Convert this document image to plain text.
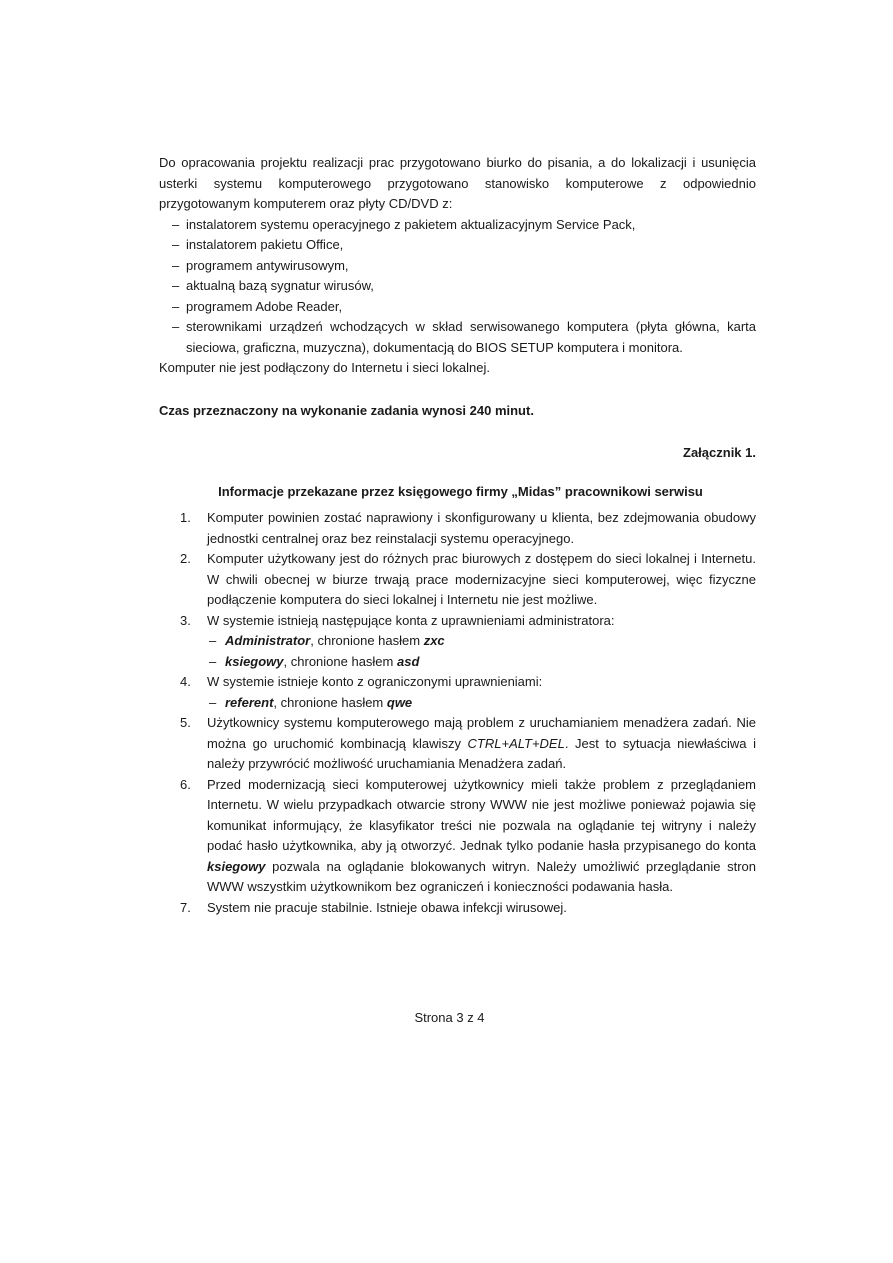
Do opracowania projektu realizacji prac przygotowano biurko do pisania, a do lokalizacji i usunięcia usterki systemu komputerowego przygotowano stanowisko komputerowe z odpowiednio przygotowanym komputerem oraz płyty CD/DVD z:

– instalatorem systemu operacyjnego z pakietem aktualizacyjnym Service Pack,
– instalatorem pakietu Office,
– programem antywirusowym,
– aktualną bazą sygnatur wirusów,
– programem Adobe Reader,
– sterownikami urządzeń wchodzących w skład serwisowanego komputera (płyta główna, karta sieciowa, graficzna, muzyczna), dokumentacją do BIOS SETUP komputera i monitora.

Komputer nie jest podłączony do Internetu i sieci lokalnej.

Czas przeznaczony na wykonanie zadania wynosi 240 minut.

Załącznik 1.

Informacje przekazane przez księgowego firmy „Midas” pracownikowi serwisu

1. Komputer powinien zostać naprawiony i skonfigurowany u klienta, bez zdejmowania obudowy jednostki centralnej oraz bez reinstalacji systemu operacyjnego.
2. Komputer użytkowany jest do różnych prac biurowych z dostępem do sieci lokalnej i Internetu. W chwili obecnej w biurze trwają prace modernizacyjne sieci komputerowej, więc fizyczne podłączenie komputera do sieci lokalnej i Internetu nie jest możliwe.
3. W systemie istnieją następujące konta z uprawnieniami administratora:
– Administrator, chronione hasłem zxc
– ksiegowy, chronione hasłem asd
4. W systemie istnieje konto z ograniczonymi uprawnieniami:
– referent, chronione hasłem qwe
5. Użytkownicy systemu komputerowego mają problem z uruchamianiem menadżera zadań. Nie można go uruchomić kombinacją klawiszy CTRL+ALT+DEL. Jest to sytuacja niewłaściwa i należy przywrócić możliwość uruchamiania Menadżera zadań.
6. Przed modernizacją sieci komputerowej użytkownicy mieli także problem z przeglądaniem Internetu. W wielu przypadkach otwarcie strony WWW nie jest możliwe ponieważ pojawia się komunikat informujący, że klasyfikator treści nie pozwala na oglądanie tej witryny i należy podać hasło użytkownika, aby ją otworzyć. Jednak tylko podanie hasła przypisanego do konta ksiegowy pozwala na oglądanie blokowanych witryn. Należy umożliwić przeglądanie stron WWW wszystkim użytkownikom bez ograniczeń i konieczności podawania hasła.
7. System nie pracuje stabilnie. Istnieje obawa infekcji wirusowej.
Strona 3 z 4
